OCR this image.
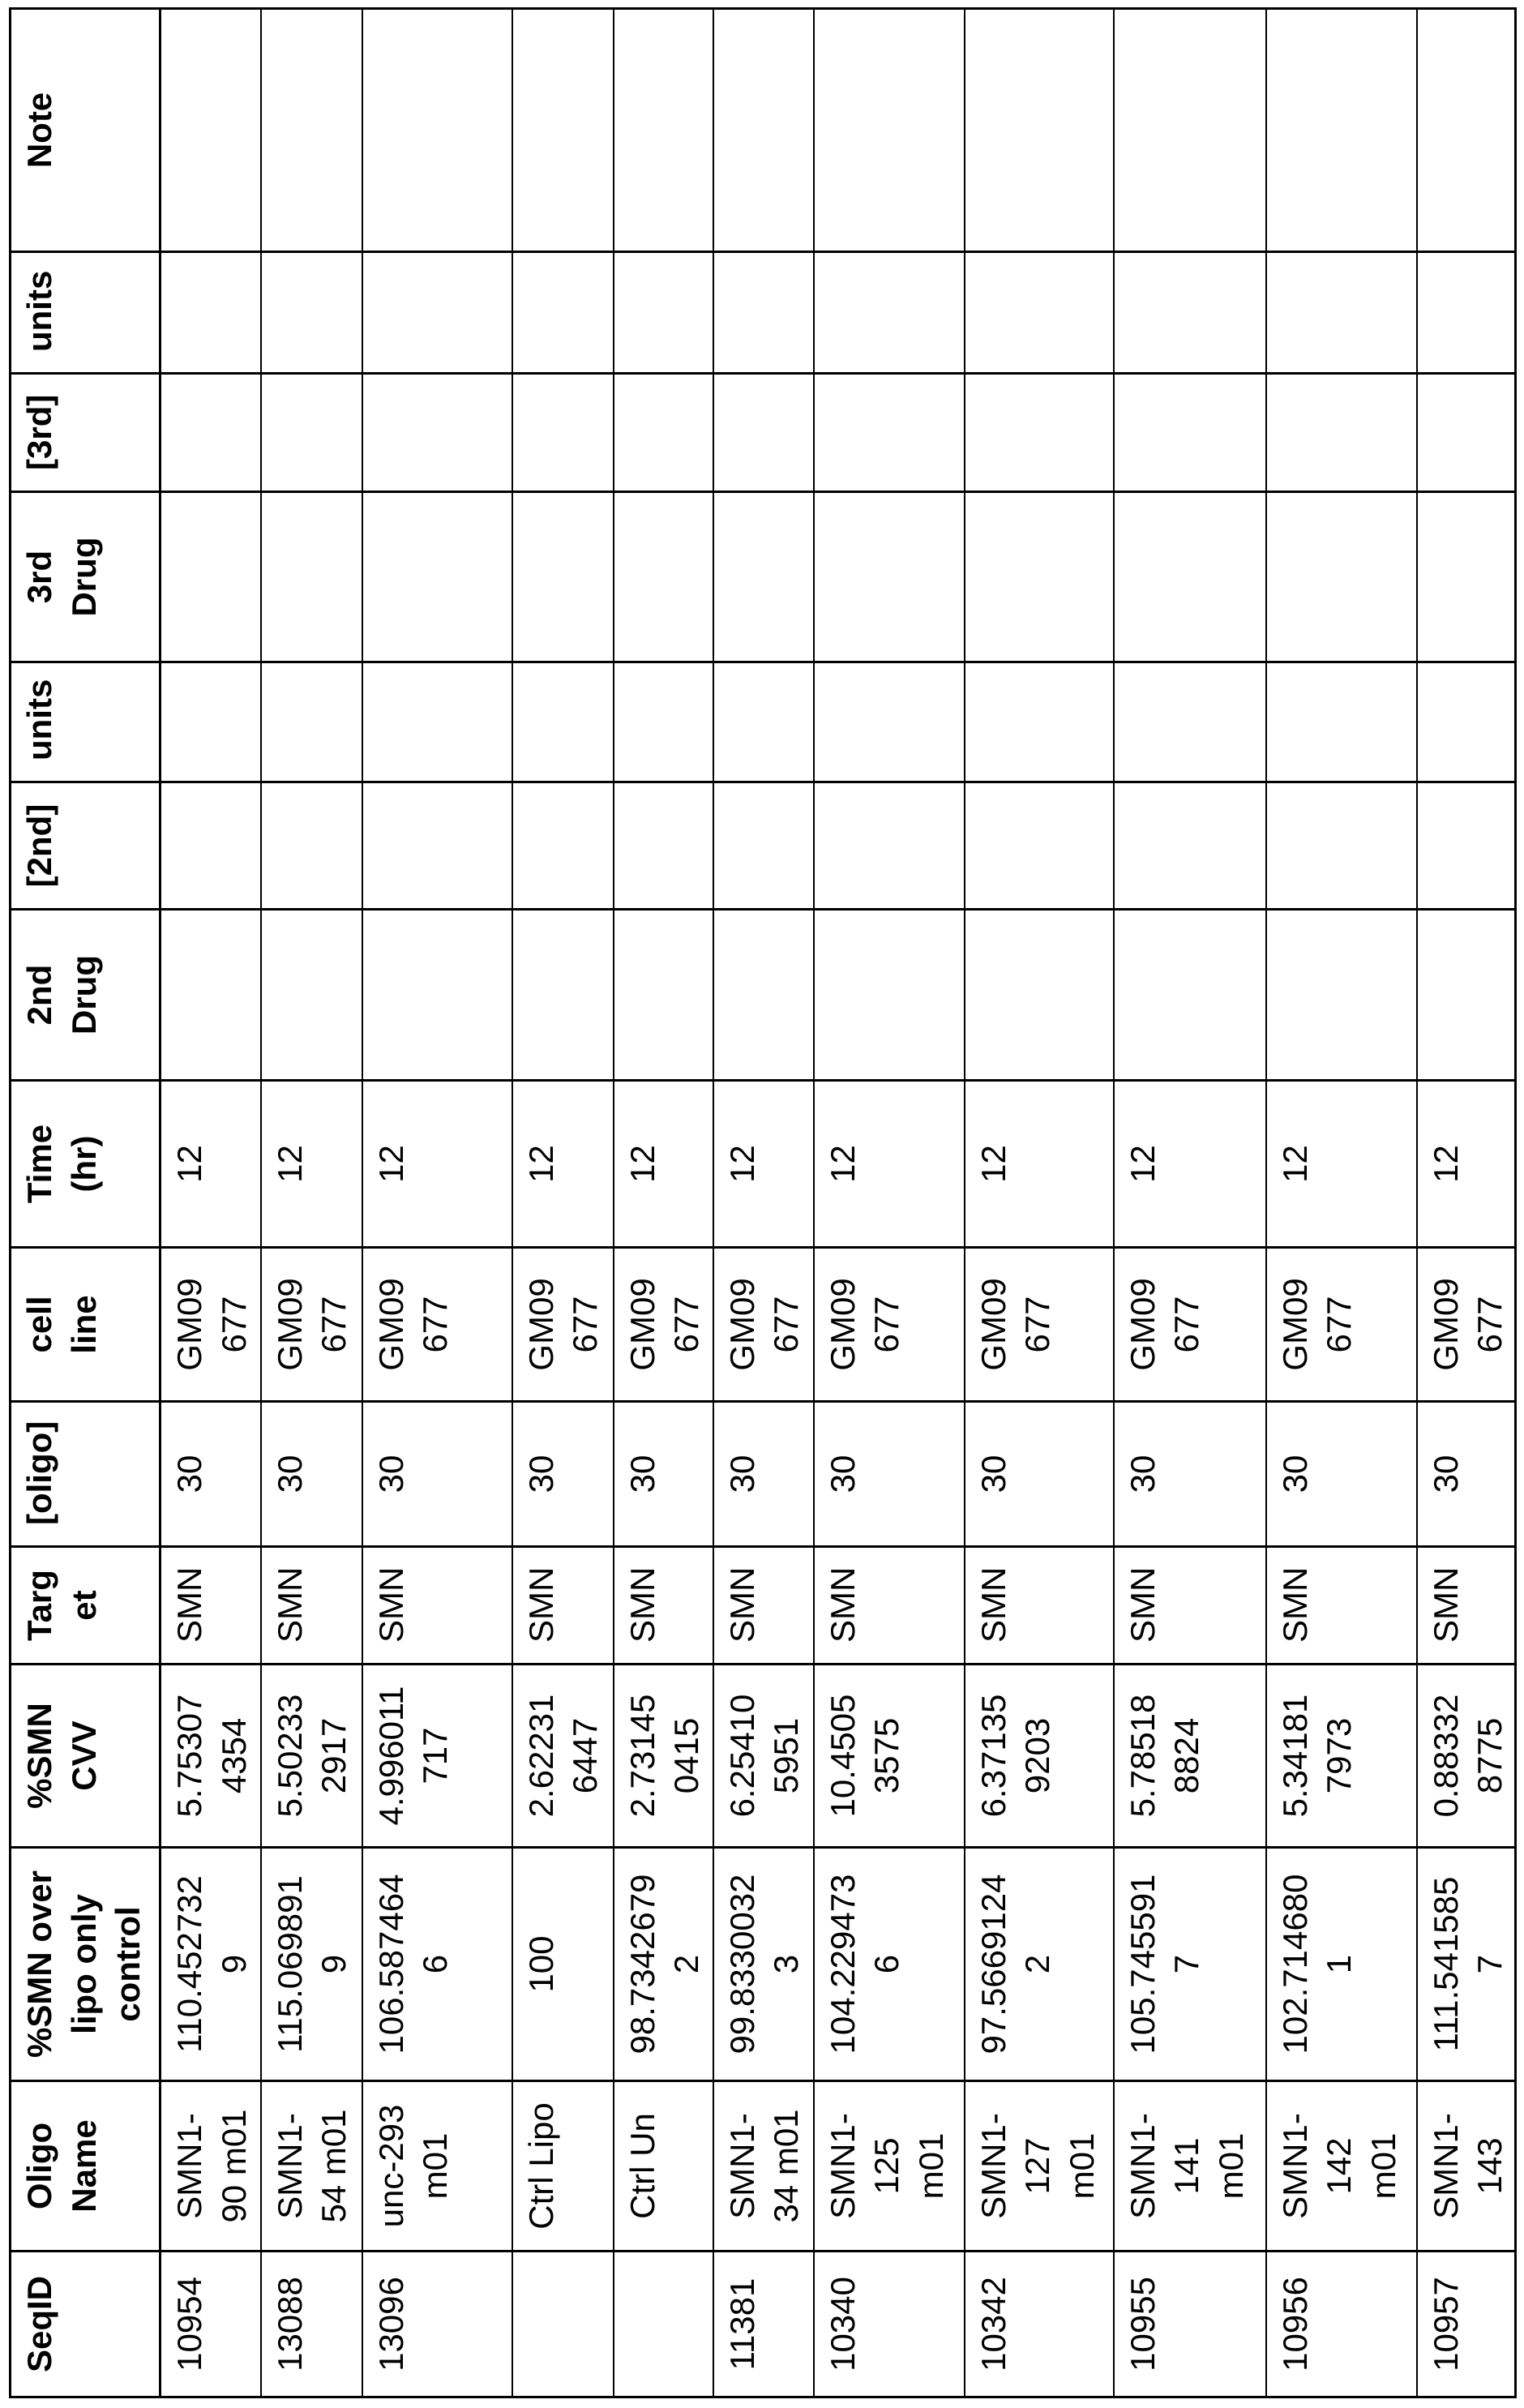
SeqID	Oligo Name	%SMN over lipo only control	%SMN CVV	Target	[oligo]	cell line	Time (hr)	2nd Drug	[2nd]	units	3rd Drug	[3rd]	units	Note
10954	SMN1-90 m01	110.4527329	5.753074354	SMN	30	GM09677	12							
13088	SMN1-54 m01	115.0698919	5.502332917	SMN	30	GM09677	12							
13096	unc-293 m01	106.5874646	4.996011717	SMN	30	GM09677	12							
	Ctrl Lipo	100	2.622316447	SMN	30	GM09677	12							
	Ctrl Un	98.73426792	2.731450415	SMN	30	GM09677	12							
11381	SMN1-34 m01	99.83300323	6.254105951	SMN	30	GM09677	12							
10340	SMN1-125 m01	104.2294736	10.45053575	SMN	30	GM09677	12							
10342	SMN1-127 m01	97.56691242	6.371359203	SMN	30	GM09677	12							
10955	SMN1-141 m01	105.7455917	5.785188824	SMN	30	GM09677	12							
10956	SMN1-142 m01	102.7146801	5.341817973	SMN	30	GM09677	12							
10957	SMN1-143	111.5415857	0.883328775	SMN	30	GM09677	12							
